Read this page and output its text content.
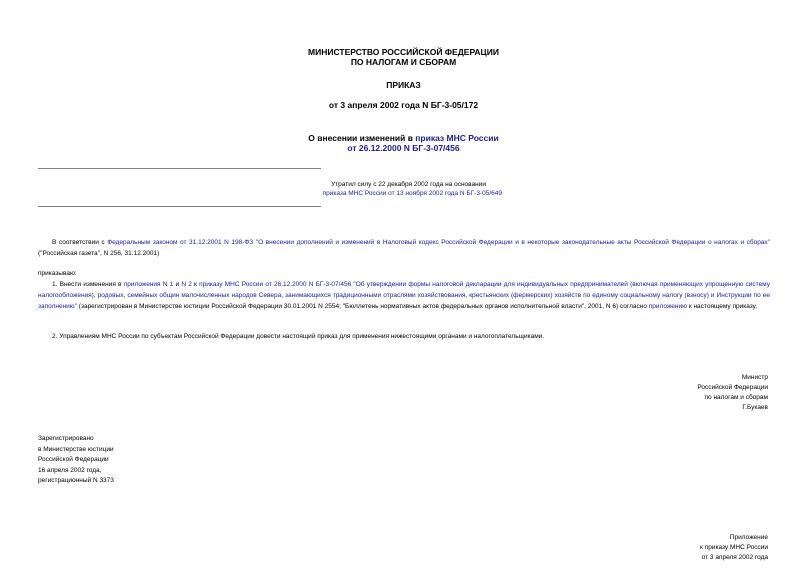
МИНИСТЕРСТВО РОССИЙСКОЙ ФЕДЕРАЦИИ
ПО НАЛОГАМ И СБОРАМ
ПРИКАЗ
от 3 апреля 2002 года N БГ-3-05/172
О внесении изменений в приказ МНС России
от 26.12.2000 N БГ-3-07/456
Утратил силу с 22 декабря 2002 года на основании
приказа МНС России от 13 ноября 2002 года N БГ-3-05/649
В соответствии с Федеральным законом от 31.12.2001 N 198-ФЗ "О внесении дополнений и изменений в Налоговый кодекс Российской Федерации и в некоторые законодательные акты Российской Федерации о налогах и сборах" ("Российская газета", N 256, 31.12.2001)
приказываю:
1. Внести изменения в приложения N 1 и N 2 к приказу МНС России от 26.12.2000 N БГ-3-07/456 "Об утверждении формы налоговой декларации для индивидуальных предпринимателей (включая применяющих упрощенную систему налогообложения), родовых, семейных общин малочисленных народов Севера, занимающихся традиционными отраслями хозяйствования, крестьянских (фермерских) хозяйств по единому социальному налогу (взносу) и Инструкции по ее заполнению" (зарегистрирован в Министерстве юстиции Российской Федерации 30.01.2001 N 2554; "Бюллетень нормативных актов федеральных органов исполнительной власти", 2001, N 6) согласно приложению к настоящему приказу.
2. Управлениям МНС России по субъектам Российской Федерации довести настоящий приказ для применения нижестоящими органами и налогоплательщиками.
Министр
Российской Федерации
по налогам и сборам
Г.Букаев
Зарегистрировано
в Министерстве юстиции
Российской Федерации
16 апреля 2002 года,
регистрационный N 3373
Приложение
к приказу МНС России
от 3 апреля 2002 года
